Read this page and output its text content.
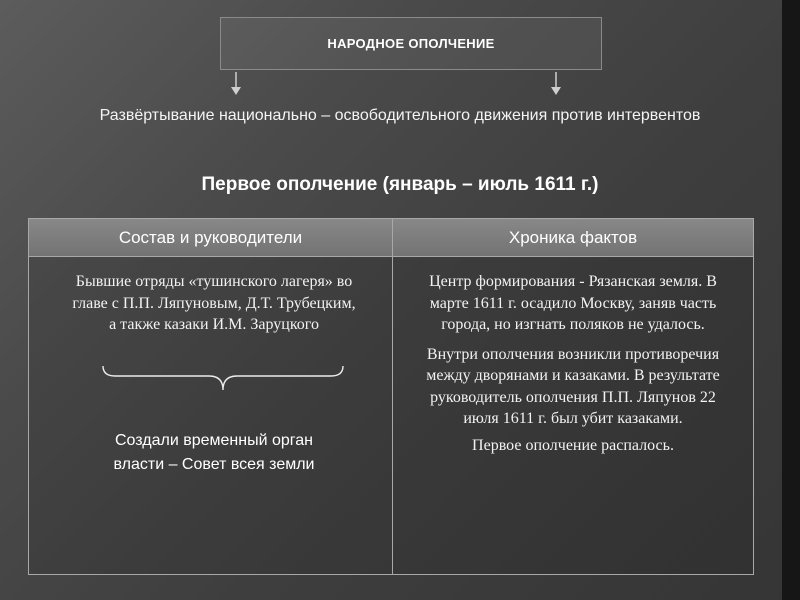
НАРОДНОЕ ОПОЛЧЕНИЕ
Развёртывание национально – освободительного движения против интервентов
Первое ополчение (январь – июль 1611 г.)
Состав и руководители	Хроника фактов
Бывшие отряды «тушинского лагеря» во главе с П.П. Ляпуновым, Д.Т. Трубецким, а также казаки И.М. Заруцкого
Создали временный орган власти – Совет всея земли

Центр формирования - Рязанская земля. В марте 1611 г. осадило Москву, заняв часть города, но изгнать поляков не удалось.

Внутри ополчения возникли противоречия между дворянами и казаками. В результате руководитель ополчения П.П. Ляпунов 22 июля 1611 г. был убит казаками.

Первое ополчение распалось.
